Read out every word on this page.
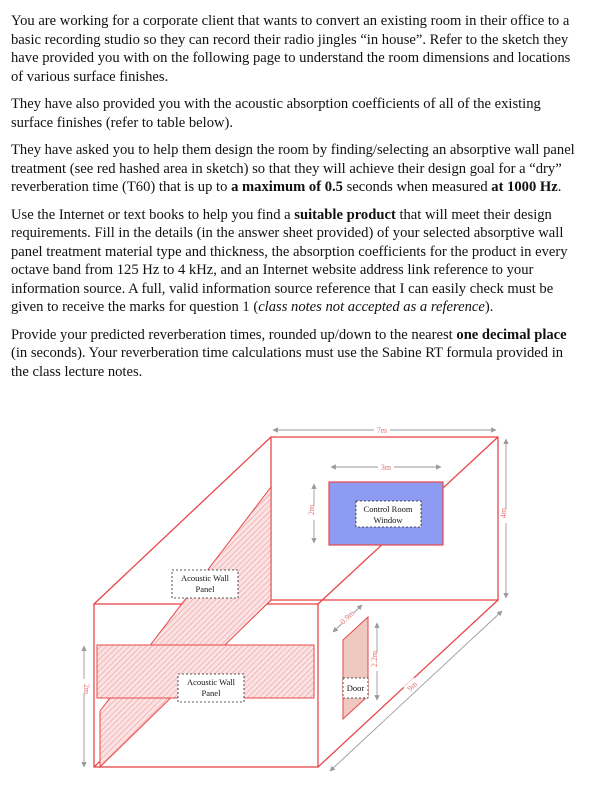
You are working for a corporate client that wants to convert an existing room in their office to a basic recording studio so they can record their radio jingles “in house”. Refer to the sketch they have provided you with on the following page to understand the room dimensions and locations of various surface finishes.

They have also provided you with the acoustic absorption coefficients of all of the existing surface finishes (refer to table below).

They have asked you to help them design the room by finding/selecting an absorptive wall panel treatment (see red hashed area in sketch) so that they will achieve their design goal for a “dry” reverberation time (T60) that is up to a maximum of 0.5 seconds when measured at 1000 Hz.

Use the Internet or text books to help you find a suitable product that will meet their design requirements. Fill in the details (in the answer sheet provided) of your selected absorptive wall panel treatment material type and thickness, the absorption coefficients for the product in every octave band from 125 Hz to 4 kHz, and an Internet website address link reference to your information source. A full, valid information source reference that I can easily check must be given to receive the marks for question 1 (class notes not accepted as a reference).

Provide your predicted reverberation times, rounded up/down to the nearest one decimal place (in seconds). Your reverberation time calculations must use the Sabine RT formula provided in the class lecture notes.

Control Room
Window
Door
Acoustic Wall
Panel
Acoustic Wall
Panel
7m
3m
2m	4m
2m	9m
0.9m
2.2m
